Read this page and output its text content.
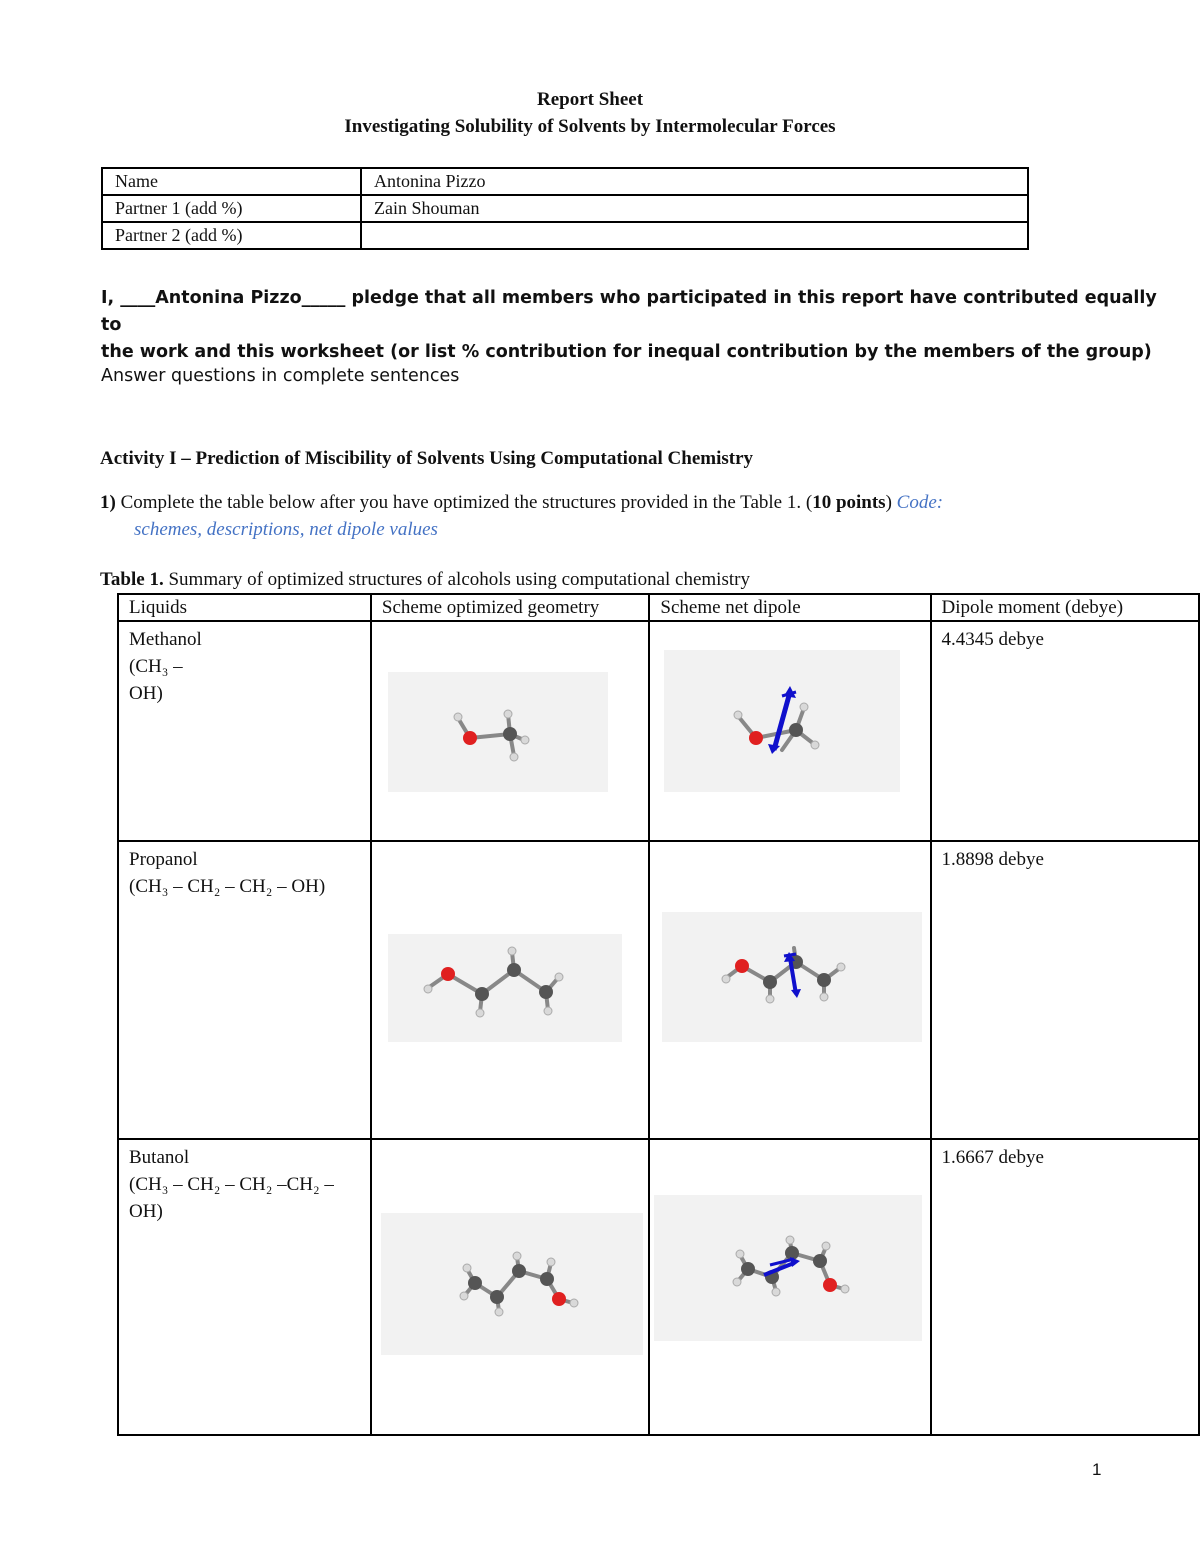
Report Sheet
Investigating Solubility of Solvents by Intermolecular Forces
Name	Antonina Pizzo
Partner 1 (add %)	Zain Shouman
Partner 2 (add %)	
I, ____Antonina Pizzo_____ pledge that all members who participated in this report have contributed equally to
the work and this worksheet (or list % contribution for inequal contribution by the members of the group)
Answer questions in complete sentences
Activity I – Prediction of Miscibility of Solvents Using Computational Chemistry
1) Complete the table below after you have optimized the structures provided in the Table 1. (10 points) Code:
schemes, descriptions, net dipole values
Table 1. Summary of optimized structures of alcohols using computational chemistry
Liquids	Scheme optimized geometry	Scheme net dipole	Dipole moment (debye)

Methanol
(CH₃ –
OH)			4.4345 debye

Propanol
(CH₃ – CH₂ – CH₂ – OH)			1.8898 debye

Butanol
(CH₃ – CH₂ – CH₂ –CH₂ –
OH)			1.6667 debye
1
